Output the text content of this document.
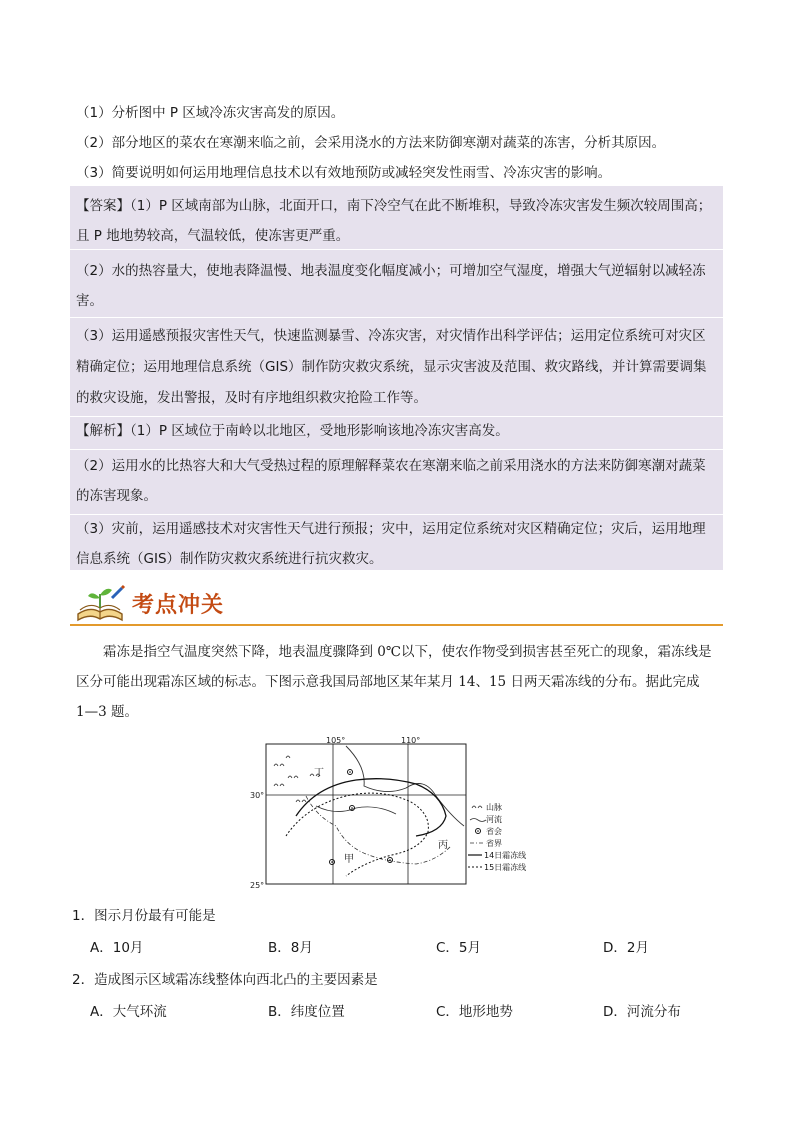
（1）分析图中 P 区域冷冻灾害高发的原因。
（2）部分地区的菜农在寒潮来临之前，会采用浇水的方法来防御寒潮对蔬菜的冻害，分析其原因。
（3）简要说明如何运用地理信息技术以有效地预防或减轻突发性雨雪、冷冻灾害的影响。
【答案】（1）P 区域南部为山脉，北面开口，南下冷空气在此不断堆积，导致冷冻灾害发生频次较周围高；
且 P 地地势较高，气温较低，使冻害更严重。
（2）水的热容量大，使地表降温慢、地表温度变化幅度减小；可增加空气湿度，增强大气逆辐射以减轻冻
害。
（3）运用遥感预报灾害性天气，快速监测暴雪、冷冻灾害，对灾情作出科学评估；运用定位系统可对灾区
精确定位；运用地理信息系统（GIS）制作防灾救灾系统，显示灾害波及范围、救灾路线，并计算需要调集
的救灾设施，发出警报，及时有序地组织救灾抢险工作等。
【解析】（1）P 区域位于南岭以北地区，受地形影响该地冷冻灾害高发。
（2）运用水的比热容大和大气受热过程的原理解释菜农在寒潮来临之前采用浇水的方法来防御寒潮对蔬菜
的冻害现象。
（3）灾前，运用遥感技术对灾害性天气进行预报；灾中，运用定位系统对灾区精确定位；灾后，运用地理
信息系统（GIS）制作防灾救灾系统进行抗灾救灾。
考点冲关
　　霜冻是指空气温度突然下降，地表温度骤降到 0℃以下，使农作物受到损害甚至死亡的现象，霜冻线是
区分可能出现霜冻区域的标志。下图示意我国局部地区某年某月 14、15 日两天霜冻线的分布。据此完成
1—3 题。
105°	110°
30°
25°
丁
甲
丙
山脉
河流
省会
省界
14日霜冻线
15日霜冻线
1．图示月份最有可能是
A．10月	B．8月	C．5月	D．2月
2．造成图示区域霜冻线整体向西北凸的主要因素是
A．大气环流	B．纬度位置	C．地形地势	D．河流分布
